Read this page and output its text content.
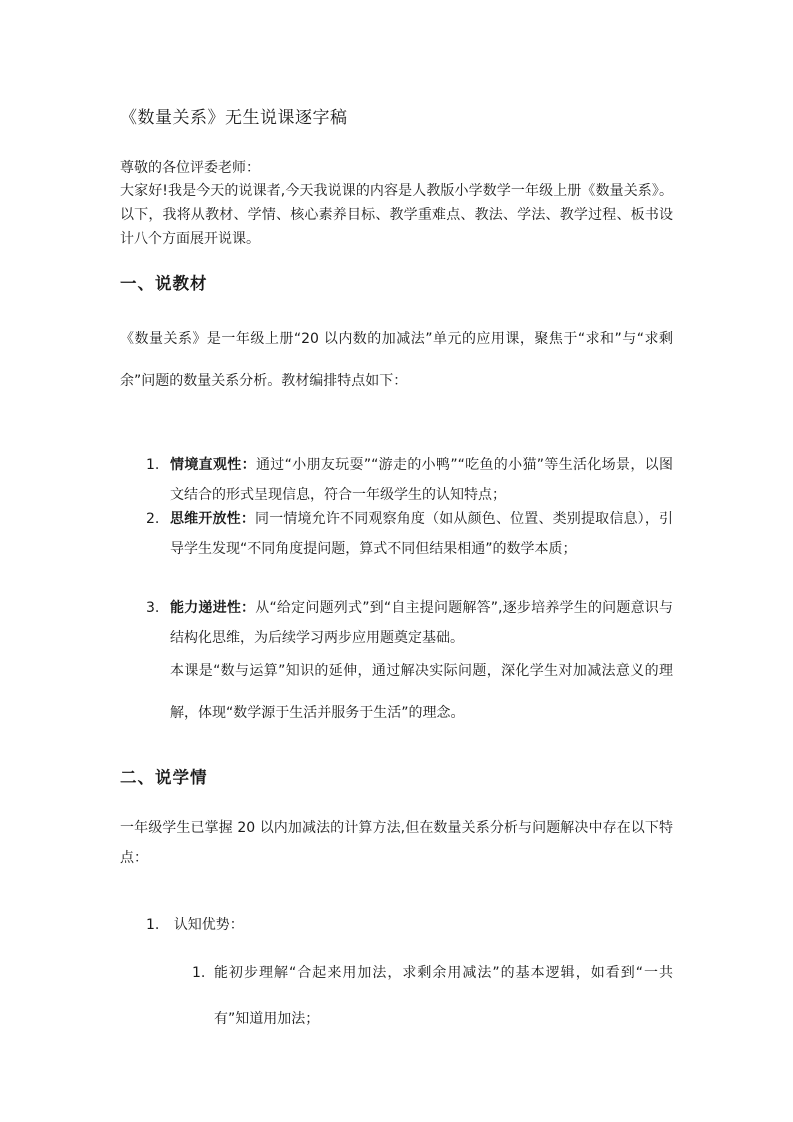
《数量关系》无生说课逐字稿

尊敬的各位评委老师：

大家好!我是今天的说课者,今天我说课的内容是人教版小学数学一年级上册《数量关系》。以下，我将从教材、学情、核心素养目标、教学重难点、教法、学法、教学过程、板书设计八个方面展开说课。

一、说教材

《数量关系》是一年级上册“20 以内数的加减法”单元的应用课，聚焦于“求和”与“求剩余”问题的数量关系分析。教材编排特点如下：

1. 情境直观性：通过“小朋友玩耍”“游走的小鸭”“吃鱼的小猫”等生活化场景，以图文结合的形式呈现信息，符合一年级学生的认知特点；
2. 思维开放性：同一情境允许不同观察角度（如从颜色、位置、类别提取信息），引导学生发现“不同角度提问题，算式不同但结果相通”的数学本质；
3. 能力递进性：从“给定问题列式”到“自主提问题解答”,逐步培养学生的问题意识与结构化思维，为后续学习两步应用题奠定基础。

本课是“数与运算”知识的延伸，通过解决实际问题，深化学生对加减法意义的理解，体现“数学源于生活并服务于生活”的理念。

二、说学情

一年级学生已掌握 20 以内加减法的计算方法,但在数量关系分析与问题解决中存在以下特点：

1. 认知优势：
1. 能初步理解“合起来用加法，求剩余用减法”的基本逻辑，如看到“一共有”知道用加法；
